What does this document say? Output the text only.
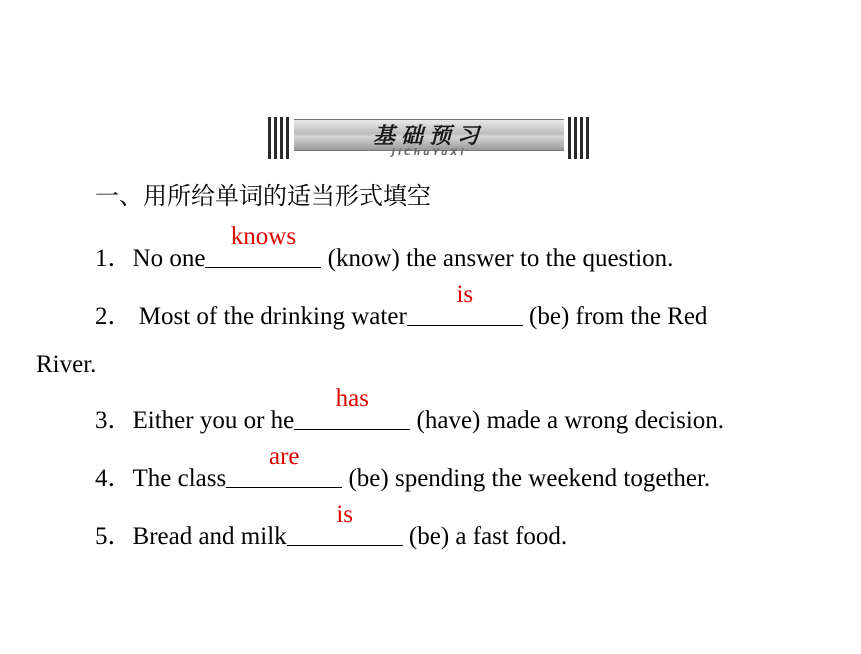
基础预习
JiChuYuXi
一、用所给单词的适当形式填空
1．No one
knows
(know) the answer to the question.
2． Most of the drinking water
is
(be) from the Red
River.
3．Either you or he
has
(have) made a wrong decision.
4．The class
are
(be) spending the weekend together.
5．Bread and milk
is
(be) a fast food.
